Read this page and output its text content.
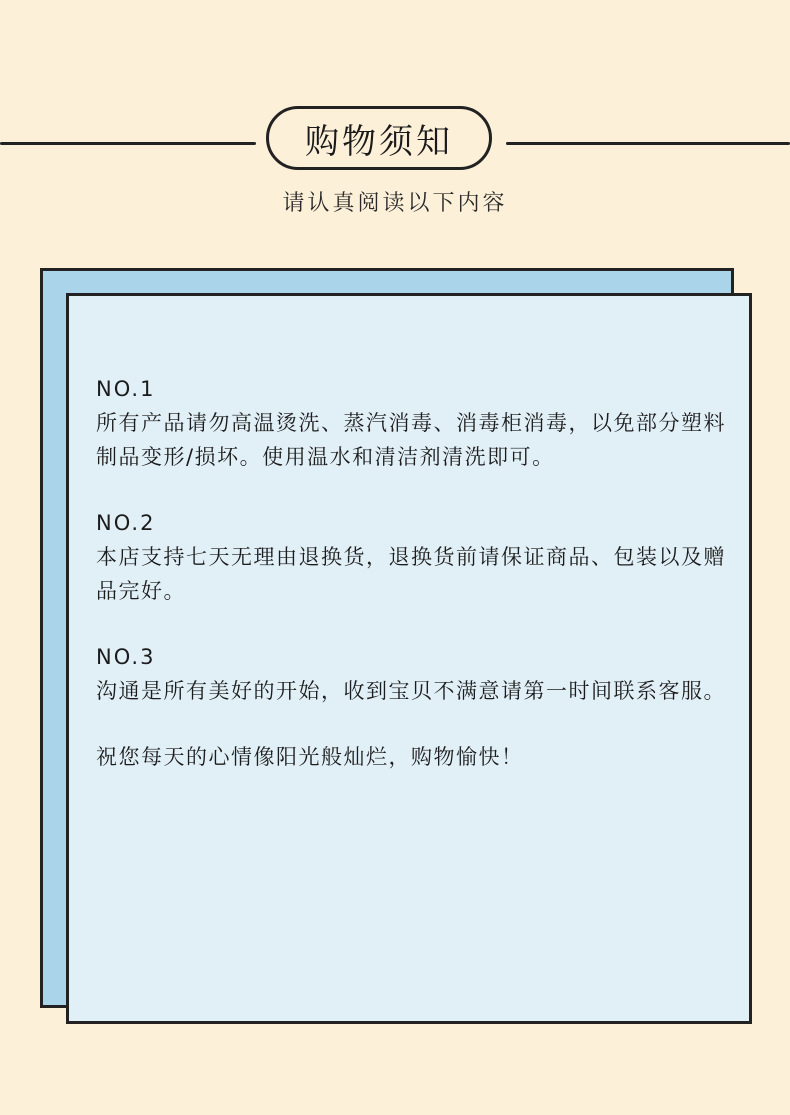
购物须知
请认真阅读以下内容
NO.1
所有产品请勿高温烫洗、蒸汽消毒、消毒柜消毒，以免部分塑料制品变形/损坏。使用温水和清洁剂清洗即可。
NO.2
本店支持七天无理由退换货，退换货前请保证商品、包装以及赠品完好。
NO.3
沟通是所有美好的开始，收到宝贝不满意请第一时间联系客服。
祝您每天的心情像阳光般灿烂，购物愉快！
